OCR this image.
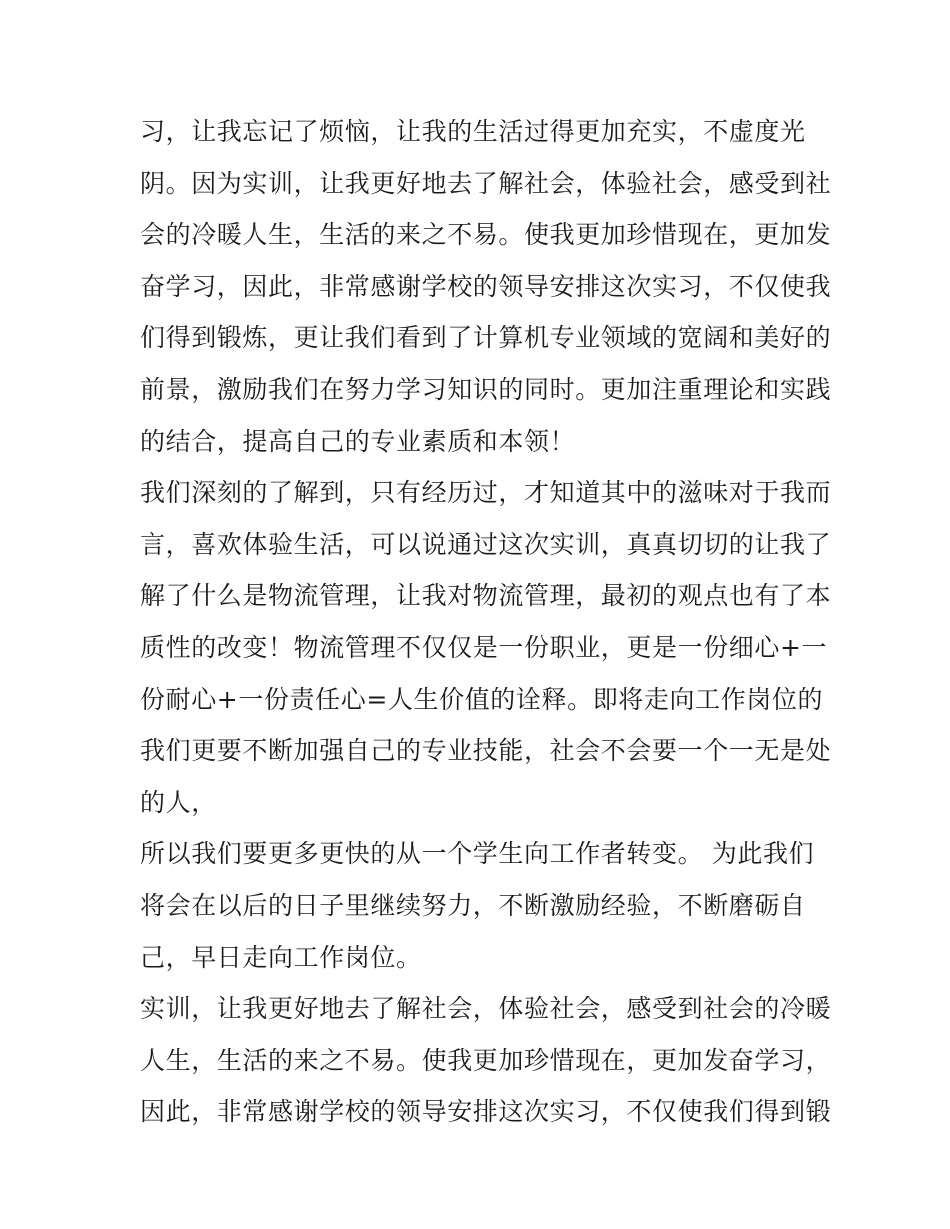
习，让我忘记了烦恼，让我的生活过得更加充实，不虚度光
阴。因为实训，让我更好地去了解社会，体验社会，感受到社
会的冷暖人生，生活的来之不易。使我更加珍惜现在，更加发
奋学习，因此，非常感谢学校的领导安排这次实习，不仅使我
们得到锻炼，更让我们看到了计算机专业领域的宽阔和美好的
前景，激励我们在努力学习知识的同时。更加注重理论和实践
的结合，提高自己的专业素质和本领！
我们深刻的了解到，只有经历过，才知道其中的滋味对于我而
言，喜欢体验生活，可以说通过这次实训，真真切切的让我了
解了什么是物流管理，让我对物流管理，最初的观点也有了本
质性的改变！物流管理不仅仅是一份职业，更是一份细心+一
份耐心+一份责任心=人生价值的诠释。即将走向工作岗位的
我们更要不断加强自己的专业技能，社会不会要一个一无是处
的人，
所以我们要更多更快的从一个学生向工作者转变。 为此我们
将会在以后的日子里继续努力，不断激励经验，不断磨砺自
己，早日走向工作岗位。
实训，让我更好地去了解社会，体验社会，感受到社会的冷暖
人生，生活的来之不易。使我更加珍惜现在，更加发奋学习，
因此，非常感谢学校的领导安排这次实习，不仅使我们得到锻
